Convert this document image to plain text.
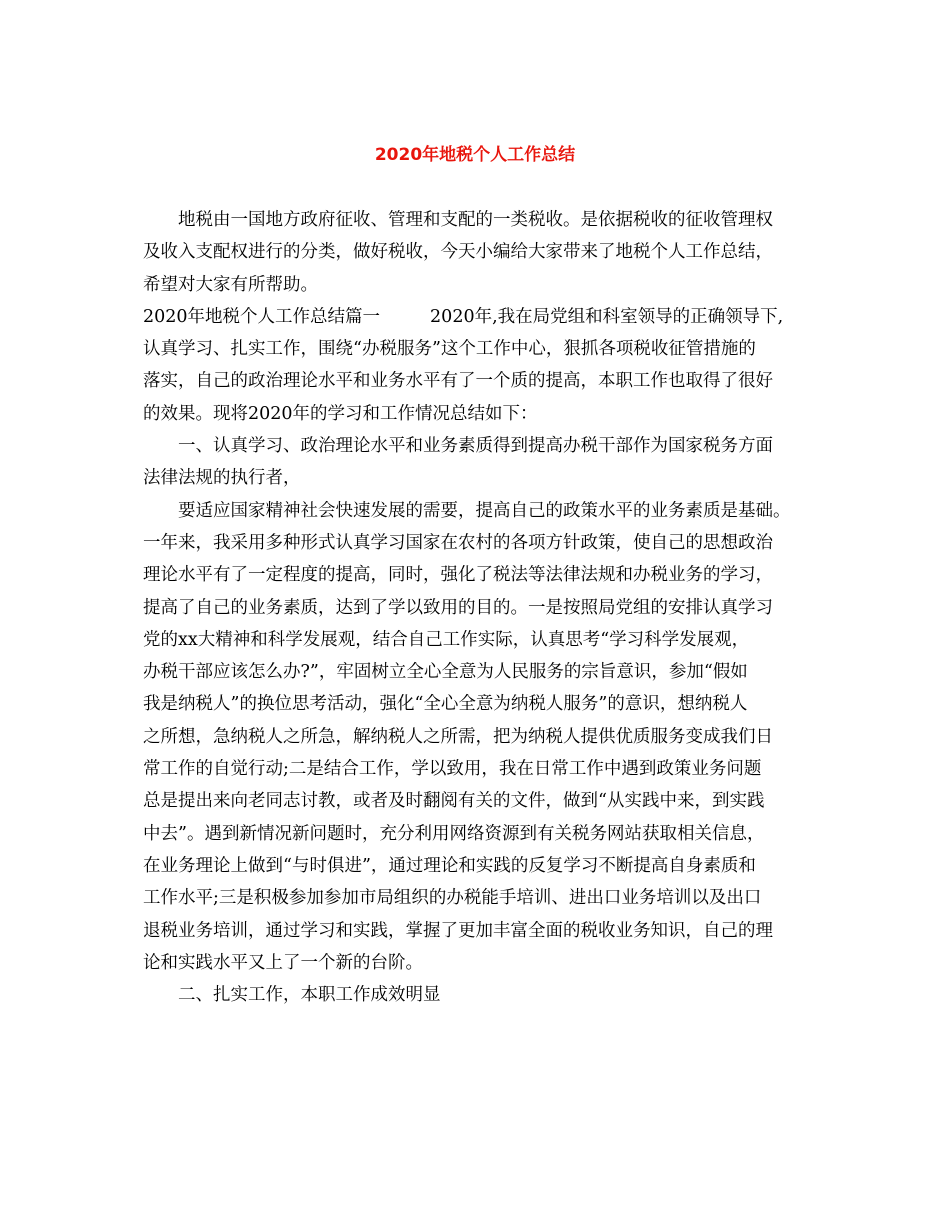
2020年地税个人工作总结
地税由一国地方政府征收、管理和支配的一类税收。是依据税收的征收管理权
及收入支配权进行的分类，做好税收，今天小编给大家带来了地税个人工作总结，
希望对大家有所帮助。
2020年地税个人工作总结篇一	2020年,我在局党组和科室领导的正确领导下,
认真学习、扎实工作，围绕“办税服务”这个工作中心，狠抓各项税收征管措施的
落实，自己的政治理论水平和业务水平有了一个质的提高，本职工作也取得了很好
的效果。现将2020年的学习和工作情况总结如下：
一、认真学习、政治理论水平和业务素质得到提高办税干部作为国家税务方面
法律法规的执行者，
要适应国家精神社会快速发展的需要，提高自己的政策水平的业务素质是基础。
一年来，我采用多种形式认真学习国家在农村的各项方针政策，使自己的思想政治
理论水平有了一定程度的提高，同时，强化了税法等法律法规和办税业务的学习，
提高了自己的业务素质，达到了学以致用的目的。一是按照局党组的安排认真学习
党的xx大精神和科学发展观，结合自己工作实际，认真思考“学习科学发展观，
办税干部应该怎么办?”，牢固树立全心全意为人民服务的宗旨意识，参加“假如
我是纳税人”的换位思考活动，强化“全心全意为纳税人服务”的意识，想纳税人
之所想，急纳税人之所急，解纳税人之所需，把为纳税人提供优质服务变成我们日
常工作的自觉行动;二是结合工作，学以致用，我在日常工作中遇到政策业务问题
总是提出来向老同志讨教，或者及时翻阅有关的文件，做到“从实践中来，到实践
中去”。遇到新情况新问题时，充分利用网络资源到有关税务网站获取相关信息，
在业务理论上做到“与时俱进”，通过理论和实践的反复学习不断提高自身素质和
工作水平;三是积极参加参加市局组织的办税能手培训、进出口业务培训以及出口
退税业务培训，通过学习和实践，掌握了更加丰富全面的税收业务知识，自己的理
论和实践水平又上了一个新的台阶。
二、扎实工作，本职工作成效明显
